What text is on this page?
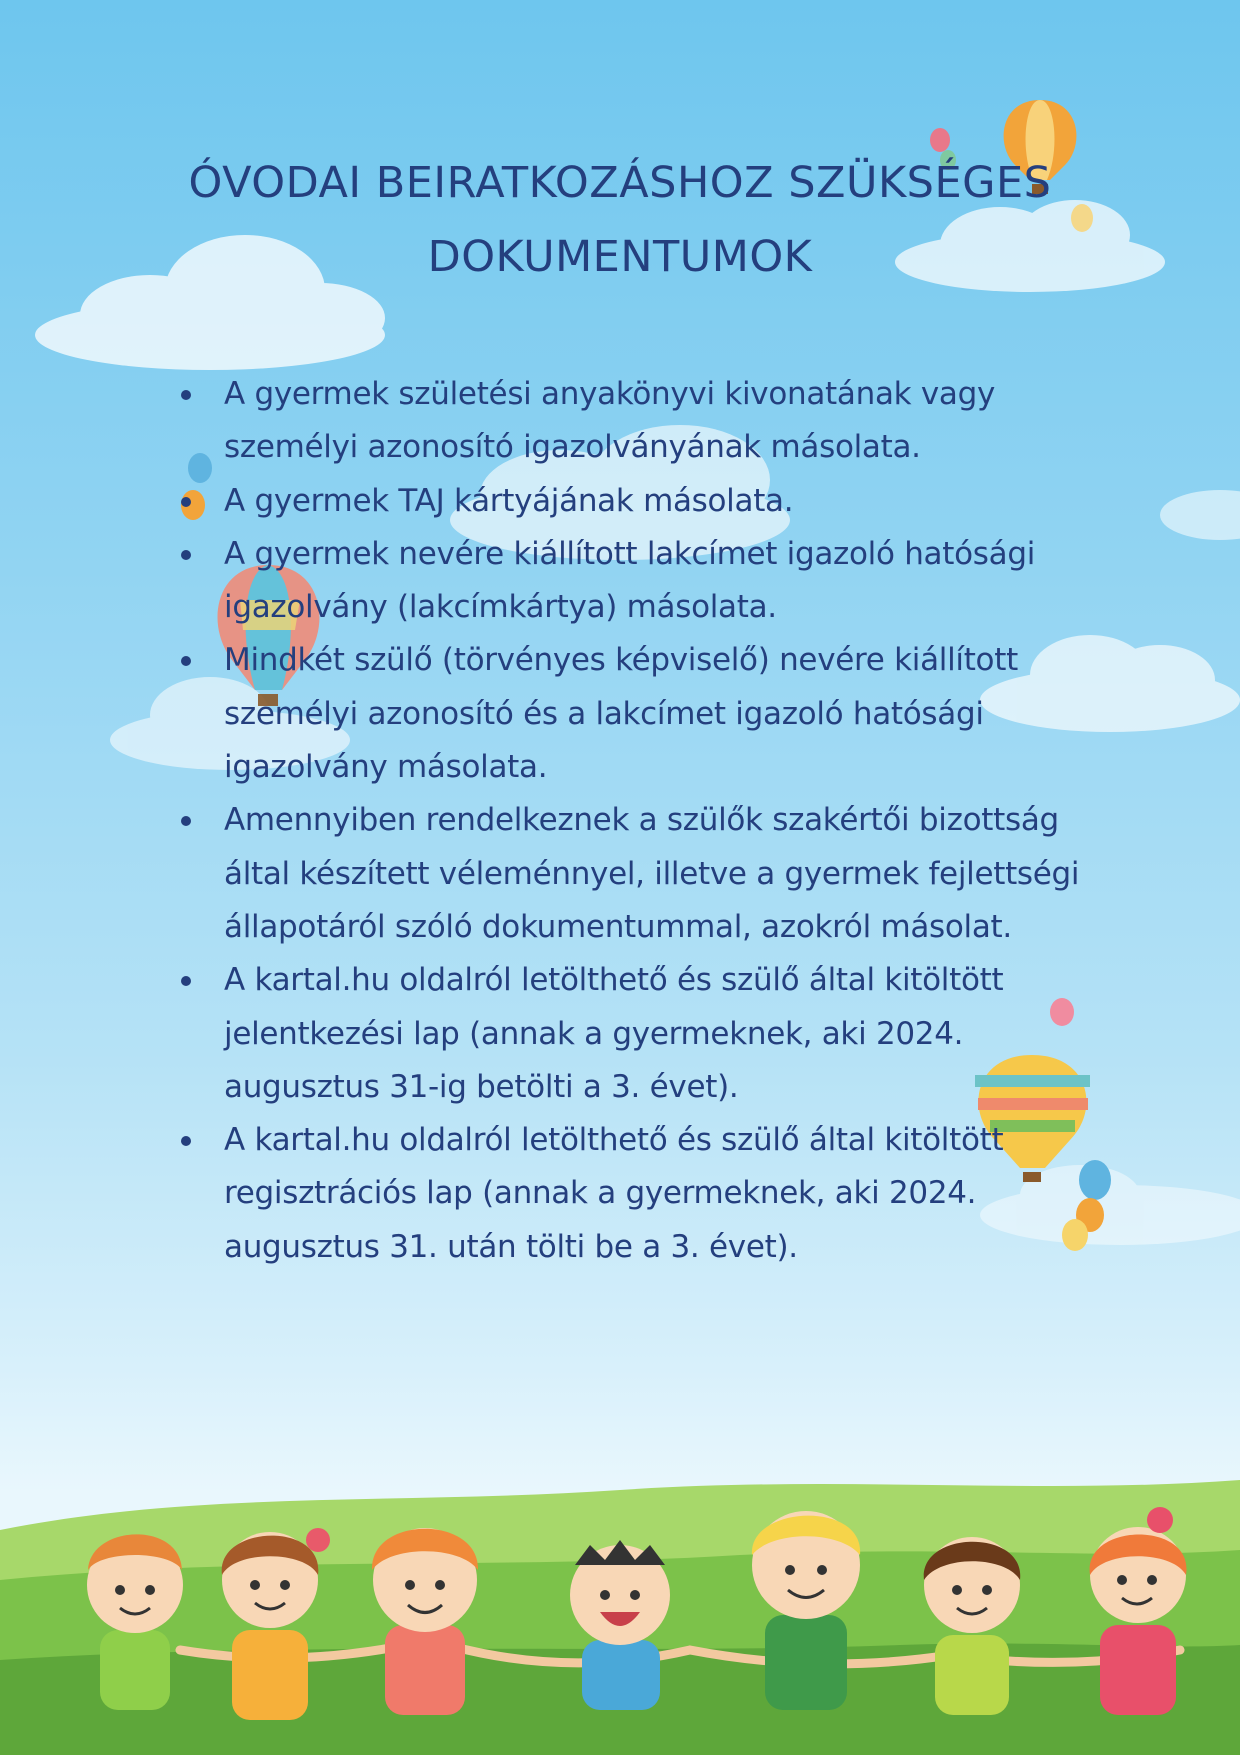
ÓVODAI BEIRATKOZÁSHOZ SZÜKSÉGES
DOKUMENTUMOK
A gyermek születési anyakönyvi kivonatának vagy személyi azonosító igazolványának másolata.
A gyermek TAJ kártyájának másolata.
A gyermek nevére kiállított lakcímet igazoló hatósági igazolvány (lakcímkártya) másolata.
Mindkét szülő (törvényes képviselő) nevére kiállított személyi azonosító és a lakcímet igazoló hatósági igazolvány másolata.
Amennyiben rendelkeznek a szülők szakértői bizottság által készített véleménnyel, illetve a gyermek fejlettségi állapotáról szóló dokumentummal, azokról másolat.
A kartal.hu oldalról letölthető és szülő által kitöltött jelentkezési lap (annak a gyermeknek, aki 2024. augusztus 31-ig betölti a 3. évet).
A kartal.hu oldalról letölthető és szülő által kitöltött regisztrációs lap (annak a gyermeknek, aki 2024. augusztus 31. után tölti be a 3. évet).
